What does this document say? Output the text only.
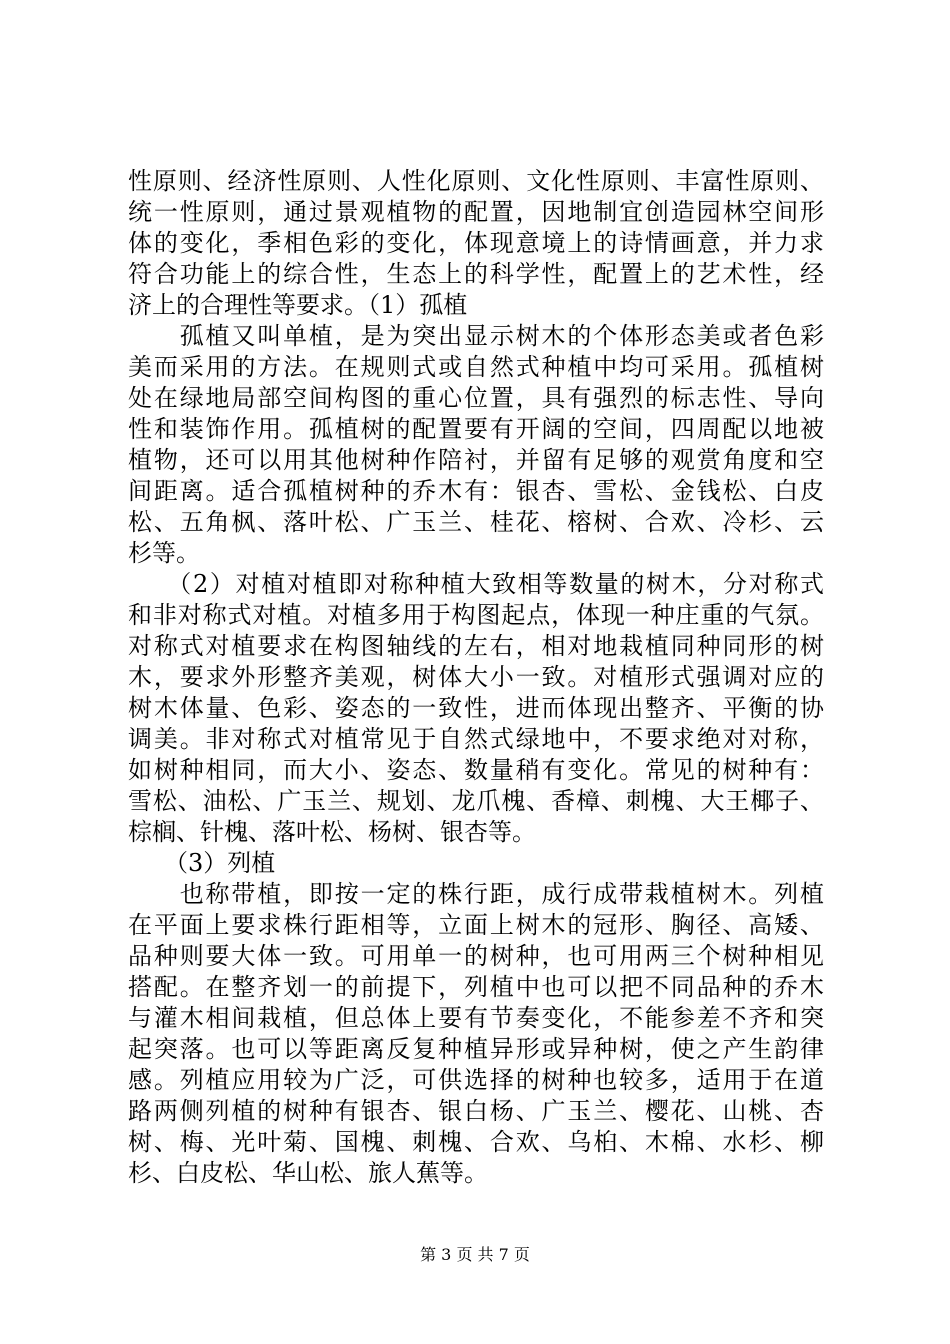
性原则、经济性原则、人性化原则、文化性原则、丰富性原则、
统一性原则，通过景观植物的配置，因地制宜创造园林空间形
体的变化，季相色彩的变化，体现意境上的诗情画意，并力求
符合功能上的综合性，生态上的科学性，配置上的艺术性，经
济上的合理性等要求。（1）孤植
　　孤植又叫单植，是为突出显示树木的个体形态美或者色彩
美而采用的方法。在规则式或自然式种植中均可采用。孤植树
处在绿地局部空间构图的重心位置，具有强烈的标志性、导向
性和装饰作用。孤植树的配置要有开阔的空间，四周配以地被
植物，还可以用其他树种作陪衬，并留有足够的观赏角度和空
间距离。适合孤植树种的乔木有：银杏、雪松、金钱松、白皮
松、五角枫、落叶松、广玉兰、桂花、榕树、合欢、冷杉、云
杉等。
　　（2）对植对植即对称种植大致相等数量的树木，分对称式
和非对称式对植。对植多用于构图起点，体现一种庄重的气氛。
对称式对植要求在构图轴线的左右，相对地栽植同种同形的树
木，要求外形整齐美观，树体大小一致。对植形式强调对应的
树木体量、色彩、姿态的一致性，进而体现出整齐、平衡的协
调美。非对称式对植常见于自然式绿地中，不要求绝对对称，
如树种相同，而大小、姿态、数量稍有变化。常见的树种有：
雪松、油松、广玉兰、规划、龙爪槐、香樟、刺槐、大王椰子、
棕榈、针槐、落叶松、杨树、银杏等。
　　（3）列植
　　也称带植，即按一定的株行距，成行成带栽植树木。列植
在平面上要求株行距相等，立面上树木的冠形、胸径、高矮、
品种则要大体一致。可用单一的树种，也可用两三个树种相见
搭配。在整齐划一的前提下，列植中也可以把不同品种的乔木
与灌木相间栽植，但总体上要有节奏变化，不能参差不齐和突
起突落。也可以等距离反复种植异形或异种树，使之产生韵律
感。列植应用较为广泛，可供选择的树种也较多，适用于在道
路两侧列植的树种有银杏、银白杨、广玉兰、樱花、山桃、杏
树、梅、光叶菊、国槐、刺槐、合欢、乌桕、木棉、水杉、柳
杉、白皮松、华山松、旅人蕉等。
第 3 页 共 7 页
